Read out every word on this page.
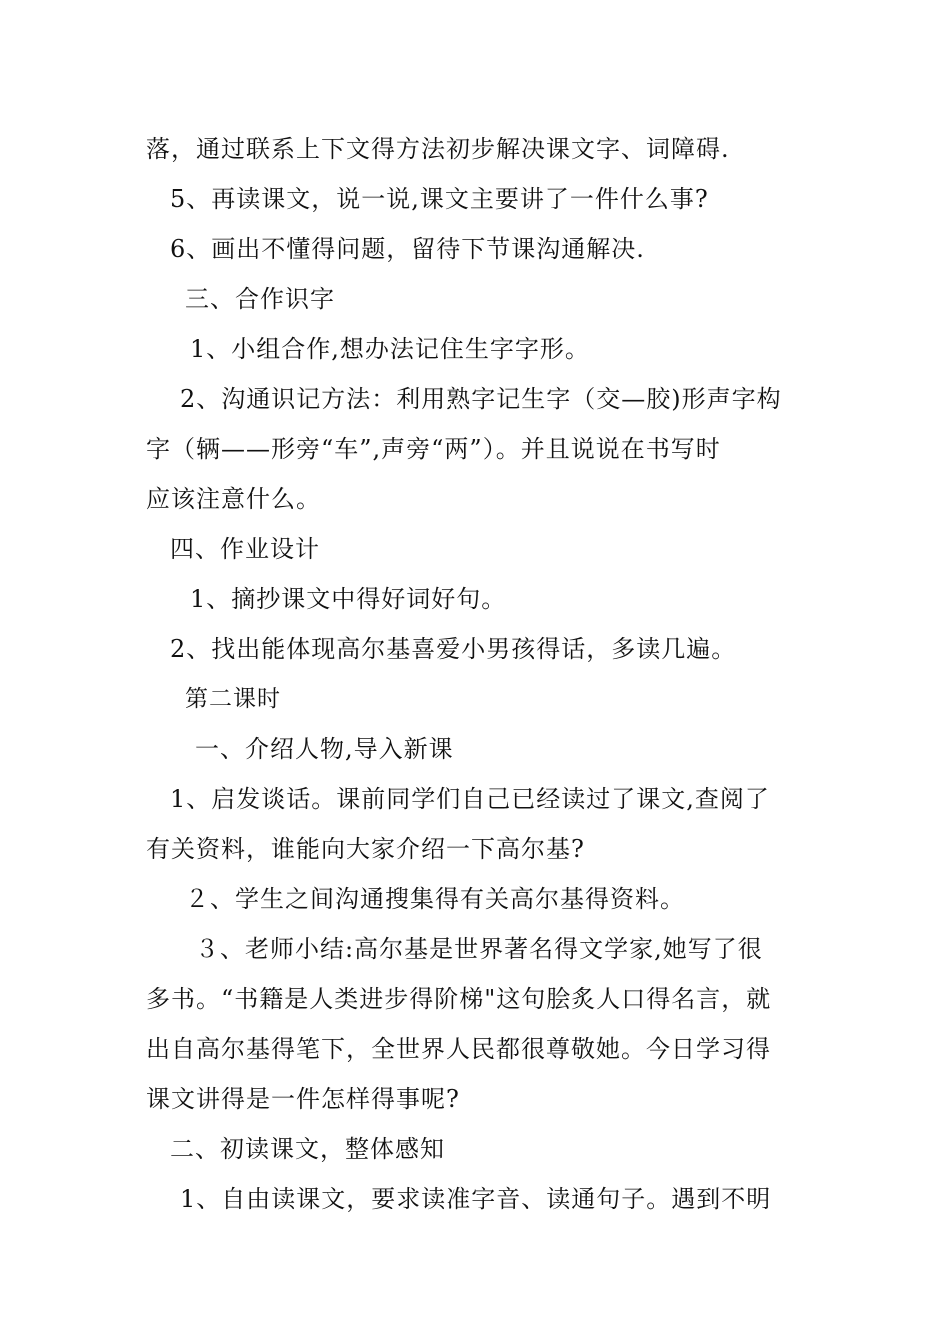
落，通过联系上下文得方法初步解决课文字、词障碍.
5、再读课文，说一说,课文主要讲了一件什么事?
6、画出不懂得问题，留待下节课沟通解决.
三、合作识字
1、小组合作,想办法记住生字字形。
2、沟通识记方法：利用熟字记生字（交—胶)形声字构
字（辆——形旁“车”,声旁“两”）。并且说说在书写时
应该注意什么。
四、作业设计
1、摘抄课文中得好词好句。
2、找出能体现高尔基喜爱小男孩得话，多读几遍。
第二课时
一、介绍人物,导入新课
1、启发谈话。课前同学们自己已经读过了课文,查阅了
有关资料，谁能向大家介绍一下高尔基?
２、学生之间沟通搜集得有关高尔基得资料。
３、老师小结:高尔基是世界著名得文学家,她写了很
多书。“书籍是人类进步得阶梯"这句脍炙人口得名言，就
出自高尔基得笔下，全世界人民都很尊敬她。今日学习得
课文讲得是一件怎样得事呢?
二、初读课文，整体感知
1、自由读课文，要求读准字音、读通句子。遇到不明
